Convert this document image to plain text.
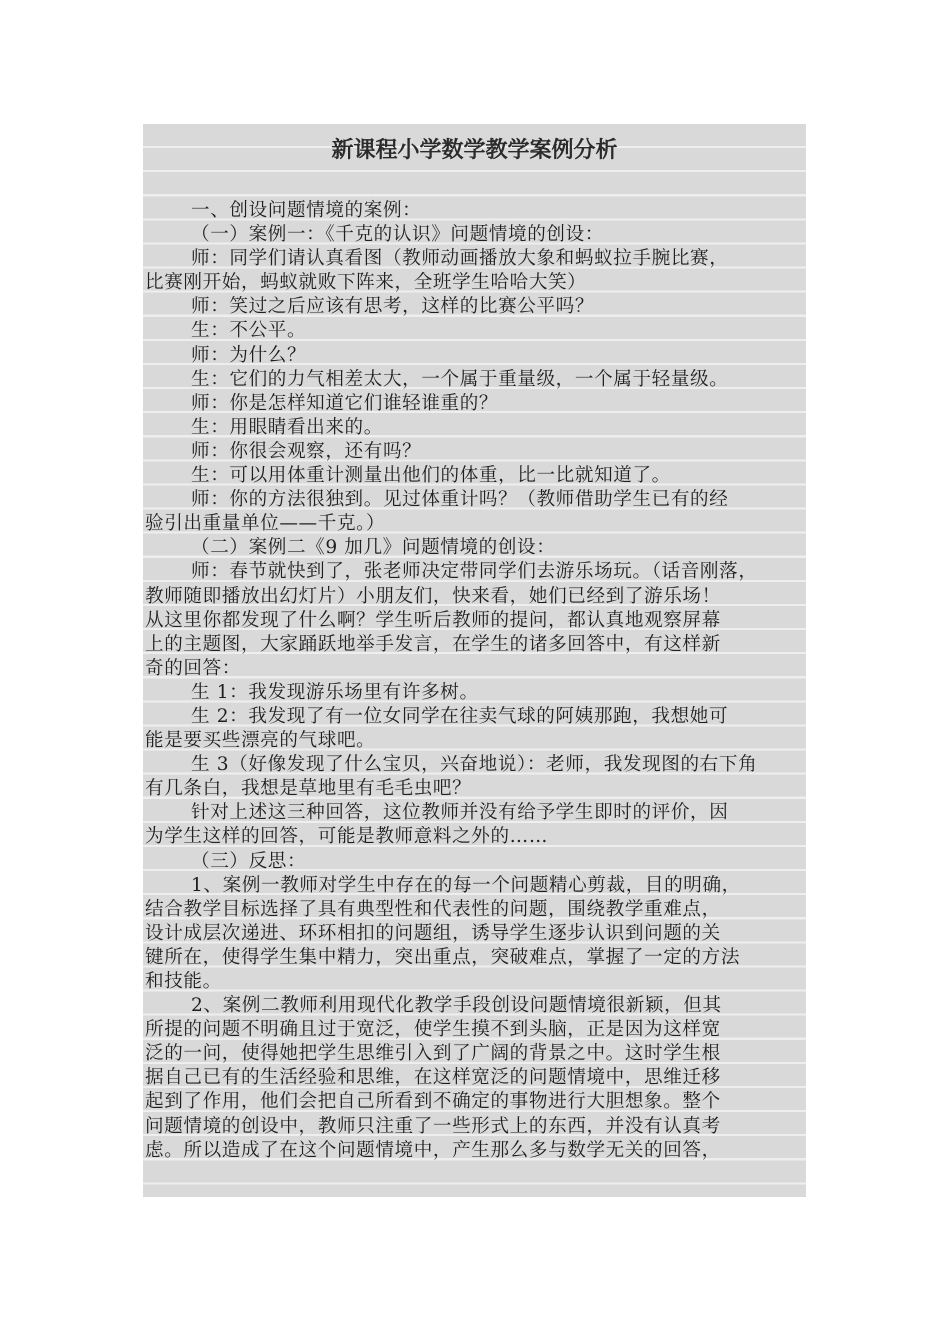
新课程小学数学教学案例分析

一、创设问题情境的案例：

（一）案例一：《千克的认识》问题情境的创设：

师：同学们请认真看图（教师动画播放大象和蚂蚁拉手腕比赛，

比赛刚开始，蚂蚁就败下阵来，全班学生哈哈大笑）

师：笑过之后应该有思考，这样的比赛公平吗？

生：不公平。

师：为什么？

生：它们的力气相差太大，一个属于重量级，一个属于轻量级。

师：你是怎样知道它们谁轻谁重的？

生：用眼睛看出来的。

师：你很会观察，还有吗？

生：可以用体重计测量出他们的体重，比一比就知道了。

师：你的方法很独到。见过体重计吗？（教师借助学生已有的经

验引出重量单位——千克。）

（二）案例二《9 加几》问题情境的创设：

师：春节就快到了，张老师决定带同学们去游乐场玩。（话音刚落，

教师随即播放出幻灯片）小朋友们，快来看，她们已经到了游乐场！

从这里你都发现了什么啊？学生听后教师的提问，都认真地观察屏幕

上的主题图，大家踊跃地举手发言，在学生的诸多回答中，有这样新

奇的回答：

生 1：我发现游乐场里有许多树。

生 2：我发现了有一位女同学在往卖气球的阿姨那跑，我想她可

能是要买些漂亮的气球吧。

生 3（好像发现了什么宝贝，兴奋地说）：老师，我发现图的右下角

有几条白，我想是草地里有毛毛虫吧？

针对上述这三种回答，这位教师并没有给予学生即时的评价，因

为学生这样的回答，可能是教师意料之外的……

（三）反思：

1、案例一教师对学生中存在的每一个问题精心剪裁，目的明确，

结合教学目标选择了具有典型性和代表性的问题，围绕教学重难点，

设计成层次递进、环环相扣的问题组，诱导学生逐步认识到问题的关

键所在，使得学生集中精力，突出重点，突破难点，掌握了一定的方法

和技能。

2、案例二教师利用现代化教学手段创设问题情境很新颖，但其

所提的问题不明确且过于宽泛，使学生摸不到头脑，正是因为这样宽

泛的一问，使得她把学生思维引入到了广阔的背景之中。这时学生根

据自己已有的生活经验和思维，在这样宽泛的问题情境中，思维迁移

起到了作用，他们会把自己所看到不确定的事物进行大胆想象。整个

问题情境的创设中，教师只注重了一些形式上的东西，并没有认真考

虑。所以造成了在这个问题情境中，产生那么多与数学无关的回答，
